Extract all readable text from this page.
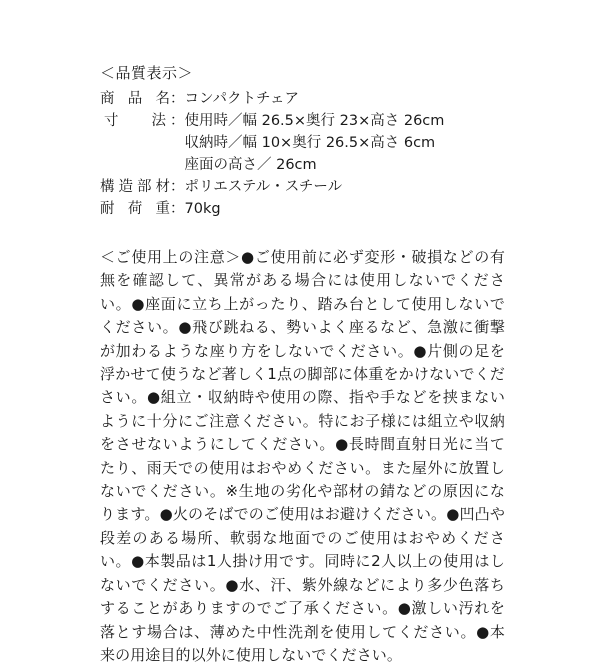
＜品質表示＞
商 品 名 ： コンパクトチェア
寸 法 ： 使用時／幅 26.5×奥行 23×高さ 26cm
収納時／幅 10×奥行 26.5×高さ 6cm
座面の高さ／ 26cm
構 造 部 材 ： ポリエステル・スチール
耐 荷 重 ： 70kg
＜ご使用上の注意＞●ご使用前に必ず変形・破損などの有無を確認して、異常がある場合には使用しないでください。●座面に立ち上がったり、踏み台として使用しないでください。●飛び跳ねる、勢いよく座るなど、急激に衝撃が加わるような座り方をしないでください。●片側の足を浮かせて使うなど著しく1点の脚部に体重をかけないでください。●組立・収納時や使用の際、指や手などを挟まないように十分にご注意ください。特にお子様には組立や収納をさせないようにしてください。●長時間直射日光に当てたり、雨天での使用はおやめください。また屋外に放置しないでください。※生地の劣化や部材の錆などの原因になります。●火のそばでのご使用はお避けください。●凹凸や段差のある場所、軟弱な地面でのご使用はおやめください。●本製品は1人掛け用です。同時に2人以上の使用はしないでください。●水、汗、紫外線などにより多少色落ちすることがありますのでご了承ください。●激しい汚れを落とす場合は、薄めた中性洗剤を使用してください。●本来の用途目的以外に使用しないでください。
